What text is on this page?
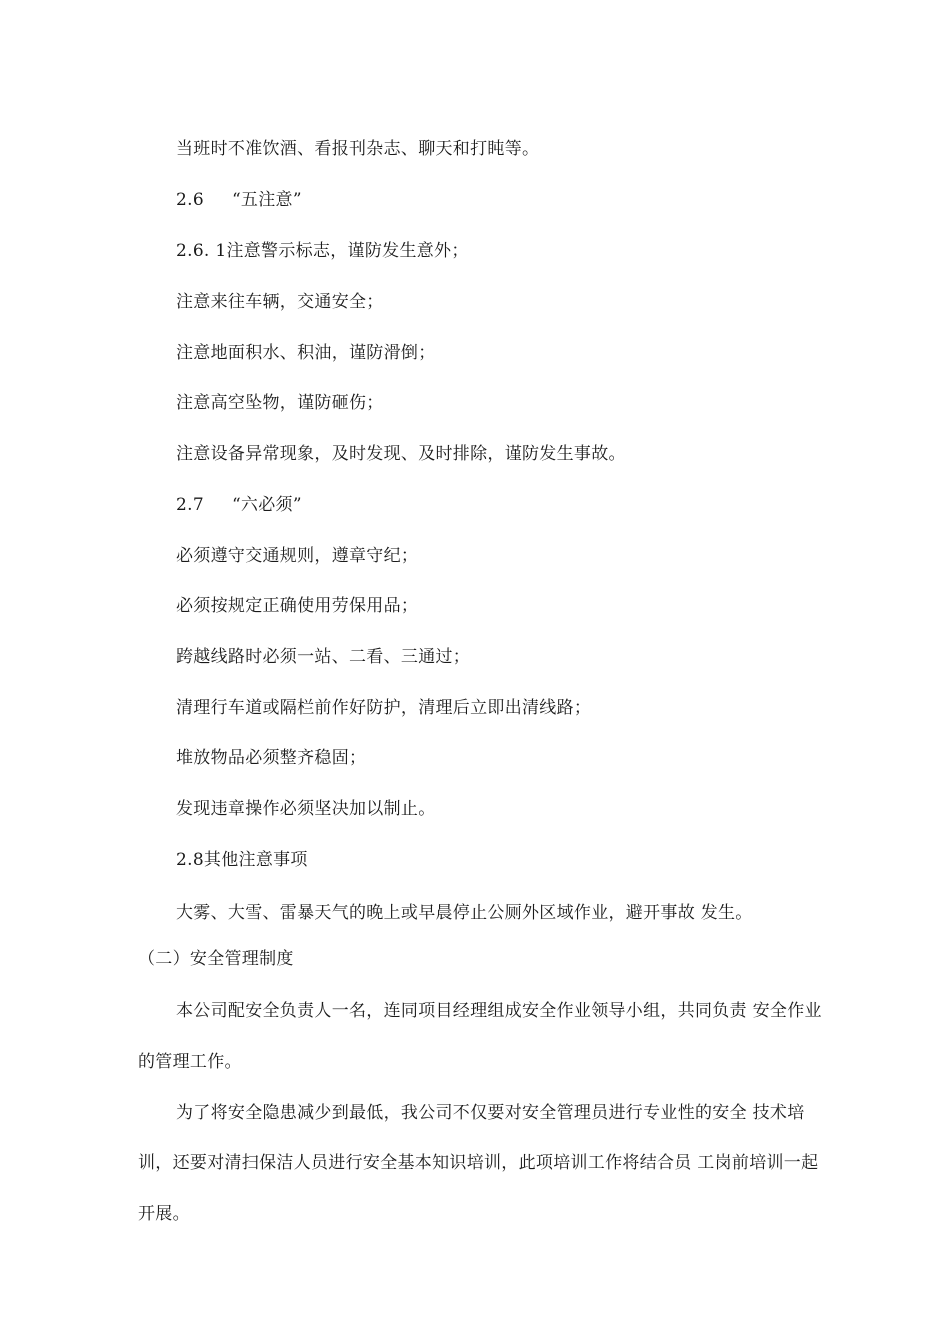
当班时不准饮酒、看报刊杂志、聊天和打盹等。
2.6 “五注意”
2.6. 1注意警示标志，谨防发生意外；
注意来往车辆，交通安全；
注意地面积水、积油，谨防滑倒；
注意高空坠物，谨防砸伤；
注意设备异常现象，及时发现、及时排除，谨防发生事故。
2.7 “六必须”
必须遵守交通规则，遵章守纪；
必须按规定正确使用劳保用品；
跨越线路时必须一站、二看、三通过；
清理行车道或隔栏前作好防护，清理后立即出清线路；
堆放物品必须整齐稳固；
发现违章操作必须坚决加以制止。
2.8其他注意事项
大雾、大雪、雷暴天气的晚上或早晨停止公厕外区域作业，避开事故 发生。
（二）安全管理制度
本公司配安全负责人一名，连同项目经理组成安全作业领导小组，共同负责 安全作业
的管理工作。
为了将安全隐患减少到最低，我公司不仅要对安全管理员进行专业性的安全 技术培
训，还要对清扫保洁人员进行安全基本知识培训，此项培训工作将结合员 工岗前培训一起
开展。
